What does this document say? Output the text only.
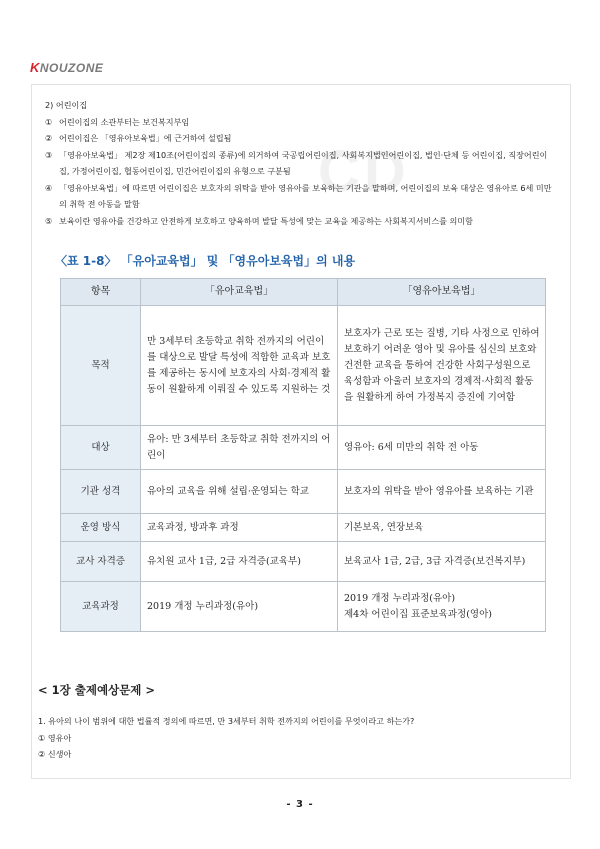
KNOUZONE
CD
2) 어린이집
① 어린이집의 소관부터는 보건복지부임
② 어린이집은 「영유아보육법」에 근거하여 설립됨
③ 「영유아보육법」 제2장 제10조(어린이집의 종류)에 의거하여 국공립어린이집, 사회복지법인어린이집, 법인·단체 등 어린이집, 직장어린이집, 가정어린이집, 협동어린이집, 민간어린이집의 유형으로 구분됨
④ 「영유아보육법」에 따르면 어린이집은 보호자의 위탁을 받아 영유아를 보육하는 기관을 말하며, 어린이집의 보육 대상은 영유아로 6세 미만의 취학 전 아동을 말함
⑤ 보육이란 영유아를 건강하고 안전하게 보호하고 양육하며 발달 특성에 맞는 교육을 제공하는 사회복지서비스를 의미함
〈표 1-8〉 「유아교육법」 및 「영유아보육법」의 내용
항목	「유아교육법」	「영유아보육법」
목적	만 3세부터 초등학교 취학 전까지의 어린이를 대상으로 발달 특성에 적합한 교육과 보호를 제공하는 동시에 보호자의 사회·경제적 활동이 원활하게 이뤄질 수 있도록 지원하는 것	보호자가 근로 또는 질병, 기타 사정으로 인하여 보호하기 어려운 영아 및 유아를 심신의 보호와 건전한 교육을 통하여 건강한 사회구성원으로 육성함과 아울러 보호자의 경제적·사회적 활동을 원활하게 하여 가정복지 증진에 기여함
대상	유아: 만 3세부터 초등학교 취학 전까지의 어린이	영유아: 6세 미만의 취학 전 아동
기관 성격	유아의 교육을 위해 설립·운영되는 학교	보호자의 위탁을 받아 영유아를 보육하는 기관
운영 방식	교육과정, 방과후 과정	기본보육, 연장보육
교사 자격증	유치원 교사 1급, 2급 자격증(교육부)	보육교사 1급, 2급, 3급 자격증(보건복지부)
교육과정	2019 개정 누리과정(유아)	2019 개정 누리과정(유아)
제4차 어린이집 표준보육과정(영아)
< 1장 출제예상문제 >
1. 유아의 나이 범위에 대한 법률적 정의에 따르면, 만 3세부터 취학 전까지의 어린이를 무엇이라고 하는가?
① 영유아
② 신생아
- 3 -
